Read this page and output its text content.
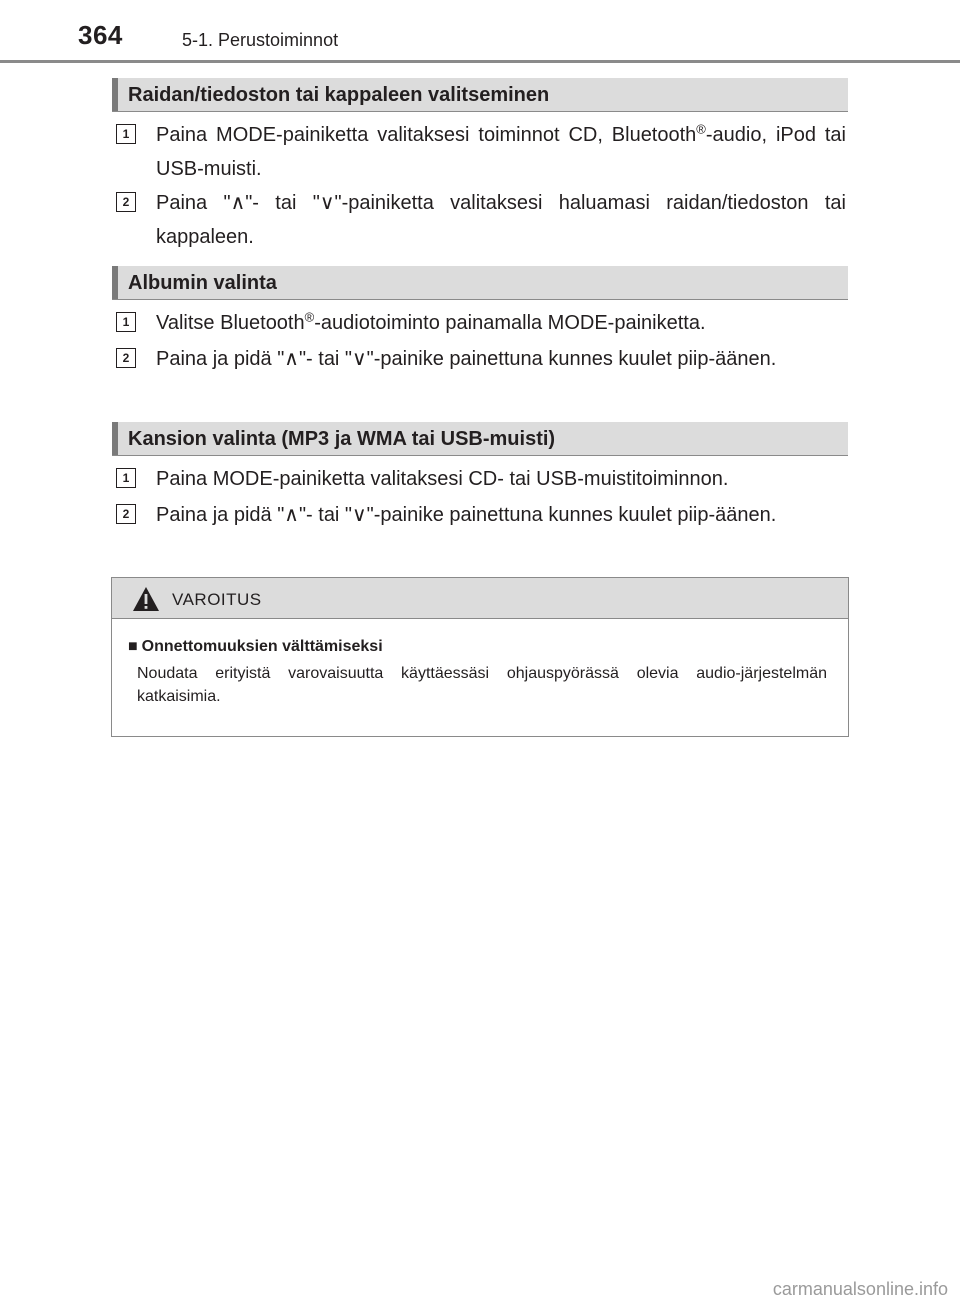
364	5-1. Perustoiminnot
Raidan/tiedoston tai kappaleen valitseminen
1	Paina MODE-painiketta valitaksesi toiminnot CD, Bluetooth®-audio, iPod tai USB-muisti.
2	Paina "∧"- tai "∨"-painiketta valitaksesi haluamasi raidan/tiedoston tai kappaleen.
Albumin valinta
1	Valitse Bluetooth®-audiotoiminto painamalla MODE-painiketta.
2	Paina ja pidä "∧"- tai "∨"-painike painettuna kunnes kuulet piip-äänen.
Kansion valinta (MP3 ja WMA tai USB-muisti)
1	Paina MODE-painiketta valitaksesi CD- tai USB-muistitoiminnon.
2	Paina ja pidä "∧"- tai "∨"-painike painettuna kunnes kuulet piip-äänen.
VAROITUS
■ Onnettomuuksien välttämiseksi
Noudata erityistä varovaisuutta käyttäessäsi ohjauspyörässä olevia audio-järjestelmän katkaisimia.
carmanualsonline.info
